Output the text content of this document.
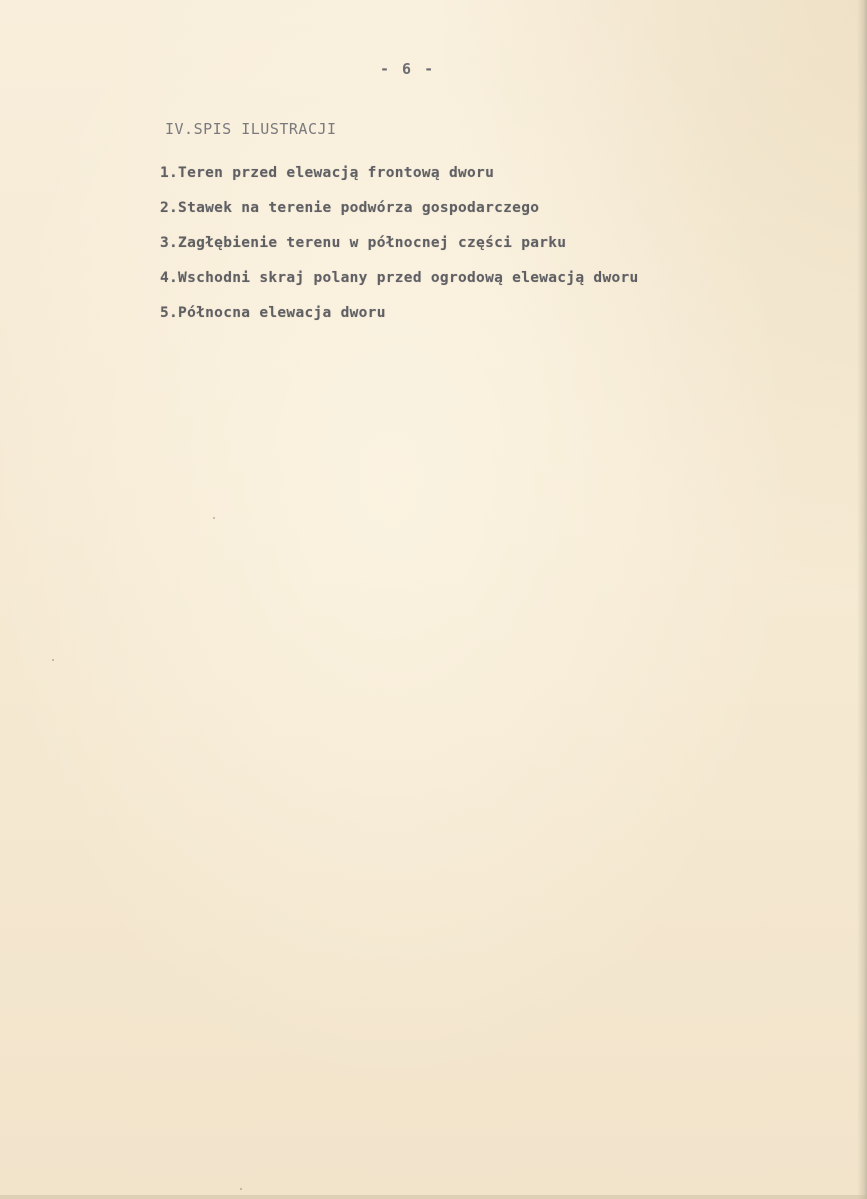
- 6 -
IV.SPIS ILUSTRACJI
1.Teren przed elewacją frontową dworu
2.Stawek na terenie podwórza gospodarczego
3.Zagłębienie terenu w północnej części parku
4.Wschodni skraj polany przed ogrodową elewacją dworu
5.Północna elewacja dworu
